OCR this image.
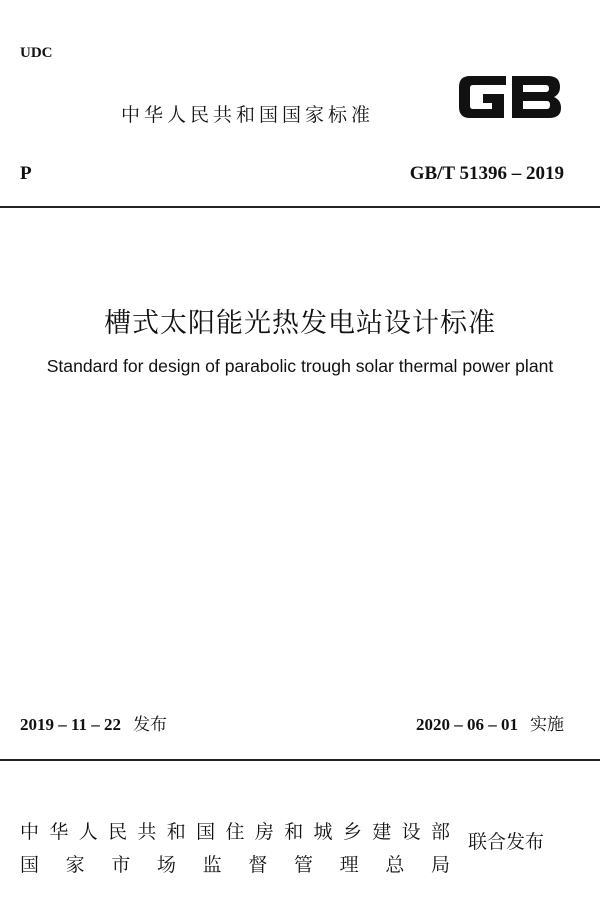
UDC
中华人民共和国国家标准
P	GB/T 51396 – 2019
槽式太阳能光热发电站设计标准
Standard for design of parabolic trough solar thermal power plant
2019 – 11 – 22 发布	2020 – 06 – 01 实施
中华人民共和国住房和城乡建设部
国家市场监督管理总局
联合发布
